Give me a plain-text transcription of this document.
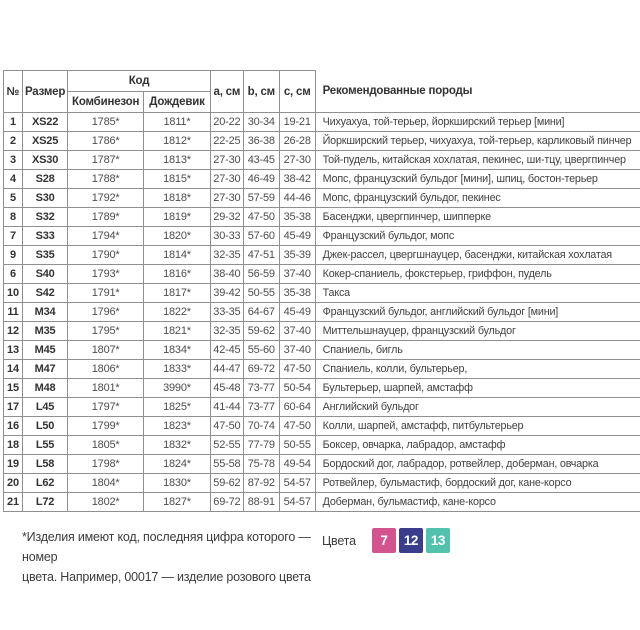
№	Размер	Код		a, см	b, см	c, см	Рекомендованные породы
		Комбинезон	Дождевик				
1	XS22	1785*	1811*	20-22	30-34	19-21	Чихуахуа, той-терьер, йоркширский терьер [мини]
2	XS25	1786*	1812*	22-25	36-38	26-28	Йоркширский терьер, чихуахуа, той-терьер, карликовый пинчер
3	XS30	1787*	1813*	27-30	43-45	27-30	Той-пудель, китайская хохлатая, пекинес, ши-тцу, цвергпинчер
4	S28	1788*	1815*	27-30	46-49	38-42	Мопс, французский бульдог [мини], шпиц, бостон-терьер
5	S30	1792*	1818*	27-30	57-59	44-46	Мопс, французский бульдог, пекинес
8	S32	1789*	1819*	29-32	47-50	35-38	Басенджи, цвергпинчер, шипперке
7	S33	1794*	1820*	30-33	57-60	45-49	Французский бульдог, мопс
9	S35	1790*	1814*	32-35	47-51	35-39	Джек-рассел, цвергшнауцер, басенджи, китайская хохлатая
6	S40	1793*	1816*	38-40	56-59	37-40	Кокер-спаниель, фокстерьер, гриффон, пудель
10	S42	1791*	1817*	39-42	50-55	35-38	Такса
11	M34	1796*	1822*	33-35	64-67	45-49	Французский бульдог, английский бульдог [мини]
12	M35	1795*	1821*	32-35	59-62	37-40	Миттельшнауцер, французский бульдог
13	M45	1807*	1834*	42-45	55-60	37-40	Спаниель, бигль
14	M47	1806*	1833*	44-47	69-72	47-50	Спаниель, колли, бультерьер,
15	M48	1801*	3990*	45-48	73-77	50-54	Бультерьер, шарпей, амстафф
17	L45	1797*	1825*	41-44	73-77	60-64	Английский бульдог
16	L50	1799*	1823*	47-50	70-74	47-50	Колли, шарпей, амстафф, питбультерьер
18	L55	1805*	1832*	52-55	77-79	50-55	Боксер, овчарка, лабрадор, амстафф
19	L58	1798*	1824*	55-58	75-78	49-54	Бордоский дог, лабрадор, ротвейлер, доберман, овчарка
20	L62	1804*	1830*	59-62	87-92	54-57	Ротвейлер, бульмастиф, бордоский дог, кане-корсо
21	L72	1802*	1827*	69-72	88-91	54-57	Доберман, бульмастиф, кане-корсо
*Изделия имеют код, последняя цифра которого — номер
цвета. Например, 00017 — изделие розового цвета
Цвета	7	12 13
